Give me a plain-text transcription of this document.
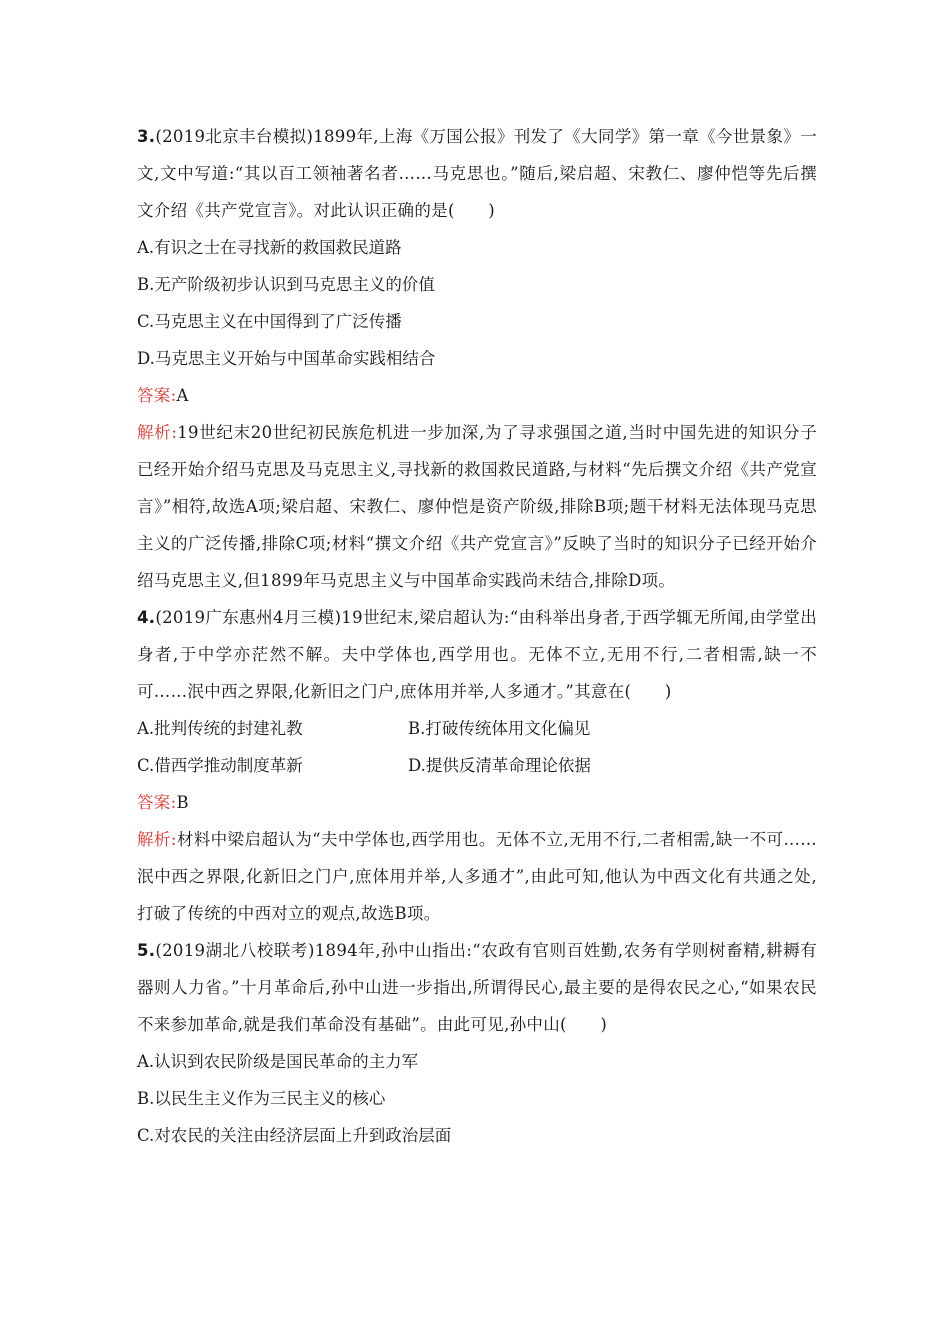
3.(2019北京丰台模拟)1899年,上海《万国公报》刊发了《大同学》第一章《今世景象》一文,文中写道:“其以百工领袖著名者……马克思也。”随后,梁启超、宋教仁、廖仲恺等先后撰文介绍《共产党宣言》。对此认识正确的是(　　)

A.有识之士在寻找新的救国救民道路

B.无产阶级初步认识到马克思主义的价值

C.马克思主义在中国得到了广泛传播

D.马克思主义开始与中国革命实践相结合

答案:A

解析:19世纪末20世纪初民族危机进一步加深,为了寻求强国之道,当时中国先进的知识分子已经开始介绍马克思及马克思主义,寻找新的救国救民道路,与材料“先后撰文介绍《共产党宣言》”相符,故选A项;梁启超、宋教仁、廖仲恺是资产阶级,排除B项;题干材料无法体现马克思主义的广泛传播,排除C项;材料“撰文介绍《共产党宣言》”反映了当时的知识分子已经开始介绍马克思主义,但1899年马克思主义与中国革命实践尚未结合,排除D项。

4.(2019广东惠州4月三模)19世纪末,梁启超认为:“由科举出身者,于西学辄无所闻,由学堂出身者,于中学亦茫然不解。夫中学体也,西学用也。无体不立,无用不行,二者相需,缺一不可……泯中西之界限,化新旧之门户,庶体用并举,人多通才。”其意在(　　)

A.批判传统的封建礼教	B.打破传统体用文化偏见

C.借西学推动制度革新	D.提供反清革命理论依据

答案:B

解析:材料中梁启超认为“夫中学体也,西学用也。无体不立,无用不行,二者相需,缺一不可……泯中西之界限,化新旧之门户,庶体用并举,人多通才”,由此可知,他认为中西文化有共通之处,打破了传统的中西对立的观点,故选B项。

5.(2019湖北八校联考)1894年,孙中山指出:“农政有官则百姓勤,农务有学则树畜精,耕耨有器则人力省。”十月革命后,孙中山进一步指出,所谓得民心,最主要的是得农民之心,“如果农民不来参加革命,就是我们革命没有基础”。由此可见,孙中山(　　)

A.认识到农民阶级是国民革命的主力军

B.以民生主义作为三民主义的核心

C.对农民的关注由经济层面上升到政治层面
